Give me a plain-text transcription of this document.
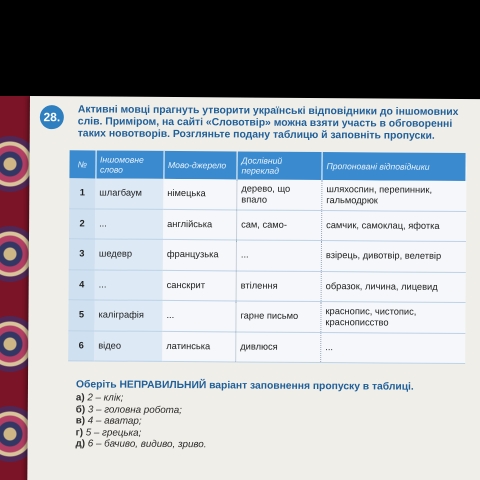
28.	Активні мовці прагнуть утворити українські відповідники до іншомовних слів. Приміром, на сайті «Словотвір» можна взяти участь в обговоренні таких новотворів. Розгляньте подану таблицю й заповніть пропуски.
№	Іншомовне слово	Мово-джерело	Дослівний переклад	Пропоновані відповідники
1	шлагбаум	німецька	дерево, що впало	шляхоспин, перепинник, гальмодрюк
2	...	англійська	сам, само-	самчик, самоклац, яфотка
3	шедевр	французька	...	взірець, дивотвір, велетвір
4	...	санскрит	втілення	образок, личина, лицевид
5	каліграфія	...	гарне письмо	краснопис, чистопис, краснописство
6	відео	латинська	дивлюся	...
Оберіть НЕПРАВИЛЬНИЙ варіант заповнення пропуску в таблиці.
а) 2 – клік;
б) 3 – головна робота;
в) 4 – аватар;
г) 5 – грецька;
д) 6 – бачиво, видиво, зриво.
